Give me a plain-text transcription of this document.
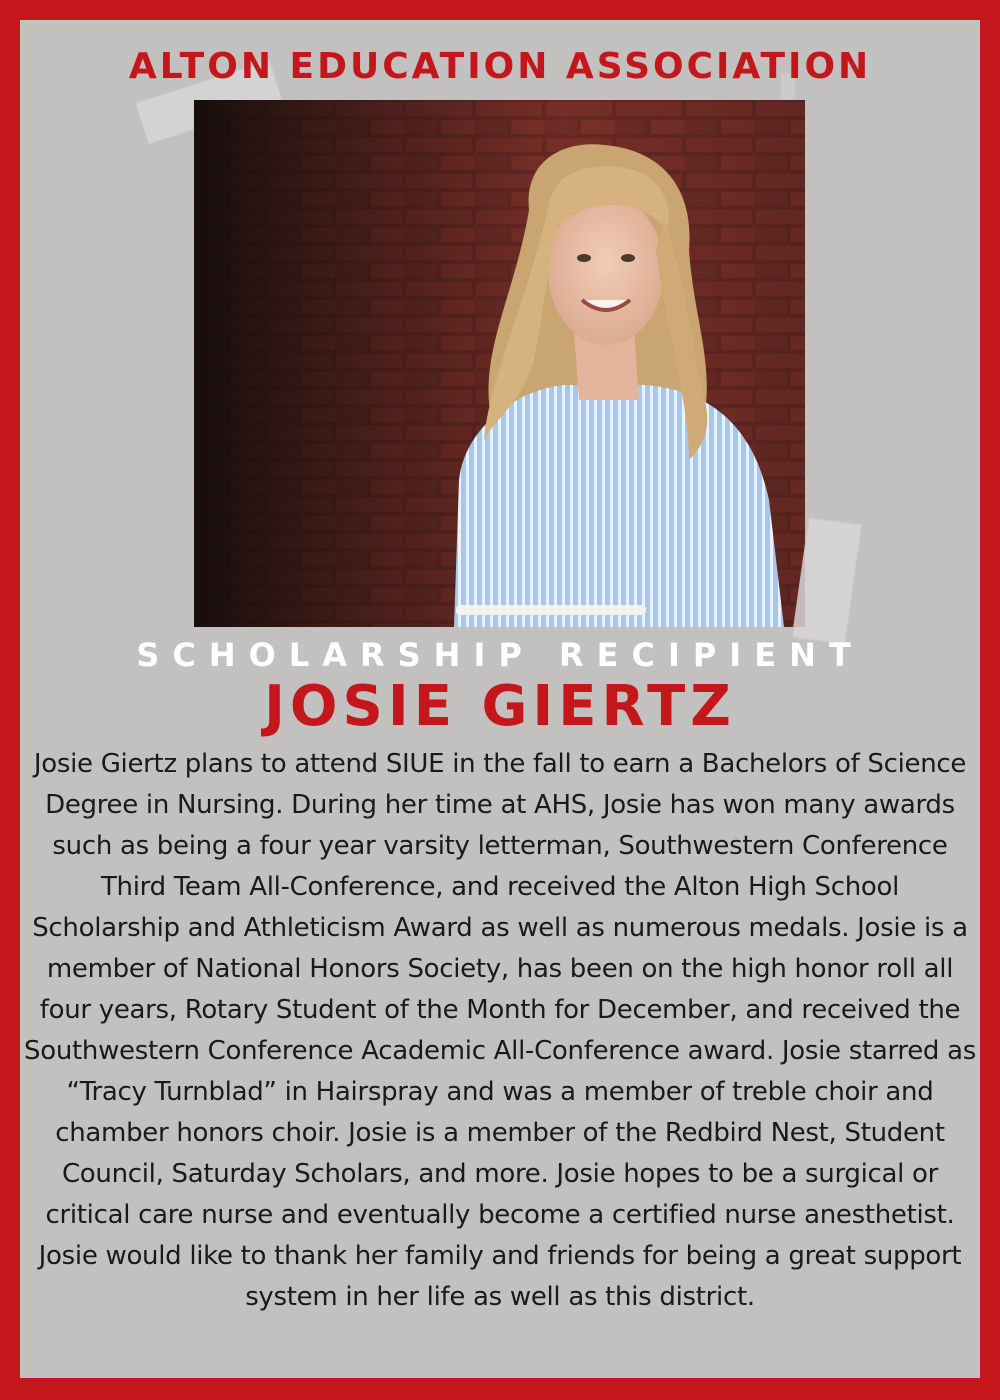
ALTON EDUCATION ASSOCIATION
SCHOLARSHIP RECIPIENT
JOSIE GIERTZ
Josie Giertz plans to attend SIUE in the fall to earn a Bachelors of Science Degree in Nursing. During her time at AHS, Josie has won many awards such as being a four year varsity letterman, Southwestern Conference Third Team All-Conference, and received the Alton High School Scholarship and Athleticism Award as well as numerous medals. Josie is a member of National Honors Society, has been on the high honor roll all four years, Rotary Student of the Month for December, and received the Southwestern Conference Academic All-Conference award. Josie starred as “Tracy Turnblad” in Hairspray and was a member of treble choir and chamber honors choir. Josie is a member of the Redbird Nest, Student Council, Saturday Scholars, and more. Josie hopes to be a surgical or critical care nurse and eventually become a certified nurse anesthetist. Josie would like to thank her family and friends for being a great support system in her life as well as this district.
